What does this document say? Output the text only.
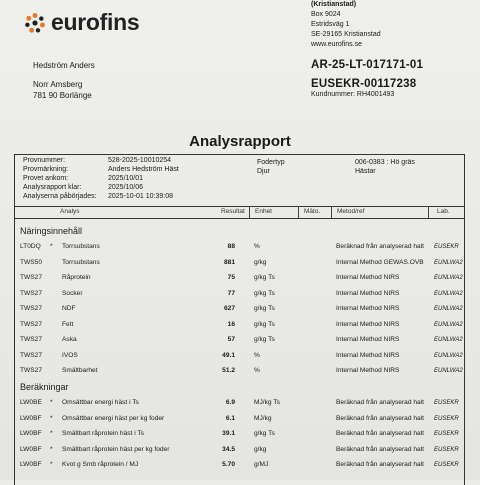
eurofins
(Kristianstad)
Box 9024
Estridsväg 1
SE-29165 Kristianstad
www.eurofins.se
Hedström Anders
Norr Amsberg
781 90 Borlänge
AR-25-LT-017171-01
EUSEKR-00117238
Kundnummer: RH4001493
Analysrapport
Provnummer:	528-2025-10010254
Provmärkning:	Anders Hedström Häst
Provet ankom:	2025/10/01
Analysrapport klar:	2025/10/06
Analyserna påbörjades: 2025-10-01 10:39:08
Fodertyp	006-0383 : Hö gräs
Djur	Hästar
Analys	Resultat Enhet	Mäto.	Metod/ref	Lab.
Näringsinnehåll
LT0DQ * Torrsubstans	88	%	Beräknad från analyserad halt EUSEKR
TWS50	Torrsubstans	881	g/kg	Internal Method GEWAS.OVB EUNLWA2
TWS27	Råprotein	75	g/kg Ts	Internal Method NIRS	EUNLWA2
TWS27	Socker	77	g/kg Ts	Internal Method NIRS	EUNLWA2
TWS27	NDF	627	g/kg Ts	Internal Method NIRS	EUNLWA2
TWS27	Fett	16	g/kg Ts	Internal Method NIRS	EUNLWA2
TWS27	Aska	57	g/kg Ts	Internal Method NIRS	EUNLWA2
TWS27	IVOS	49.1	%	Internal Method NIRS	EUNLWA2
TWS27	Smältbarhet	51.2	%	Internal Method NIRS	EUNLWA2
Beräkningar
LW0BE * Omsättbar energi häst i Ts	6.9	MJ/kg Ts	Beräknad från analyserad halt EUSEKR
LW0BF * Omsättbar energi häst per kg foder	6.1	MJ/kg	Beräknad från analyserad halt EUSEKR
LW0BF * Smältbart råprotein häst i Ts	39.1	g/kg Ts	Beräknad från analyserad halt EUSEKR
LW0BF * Smältbart råprotein häst per kg foder	34.5	g/kg	Beräknad från analyserad halt EUSEKR
LW0BF * Kvot g Smb råprotein / MJ	5.70	g/MJ	Beräknad från analyserad halt EUSEKR
